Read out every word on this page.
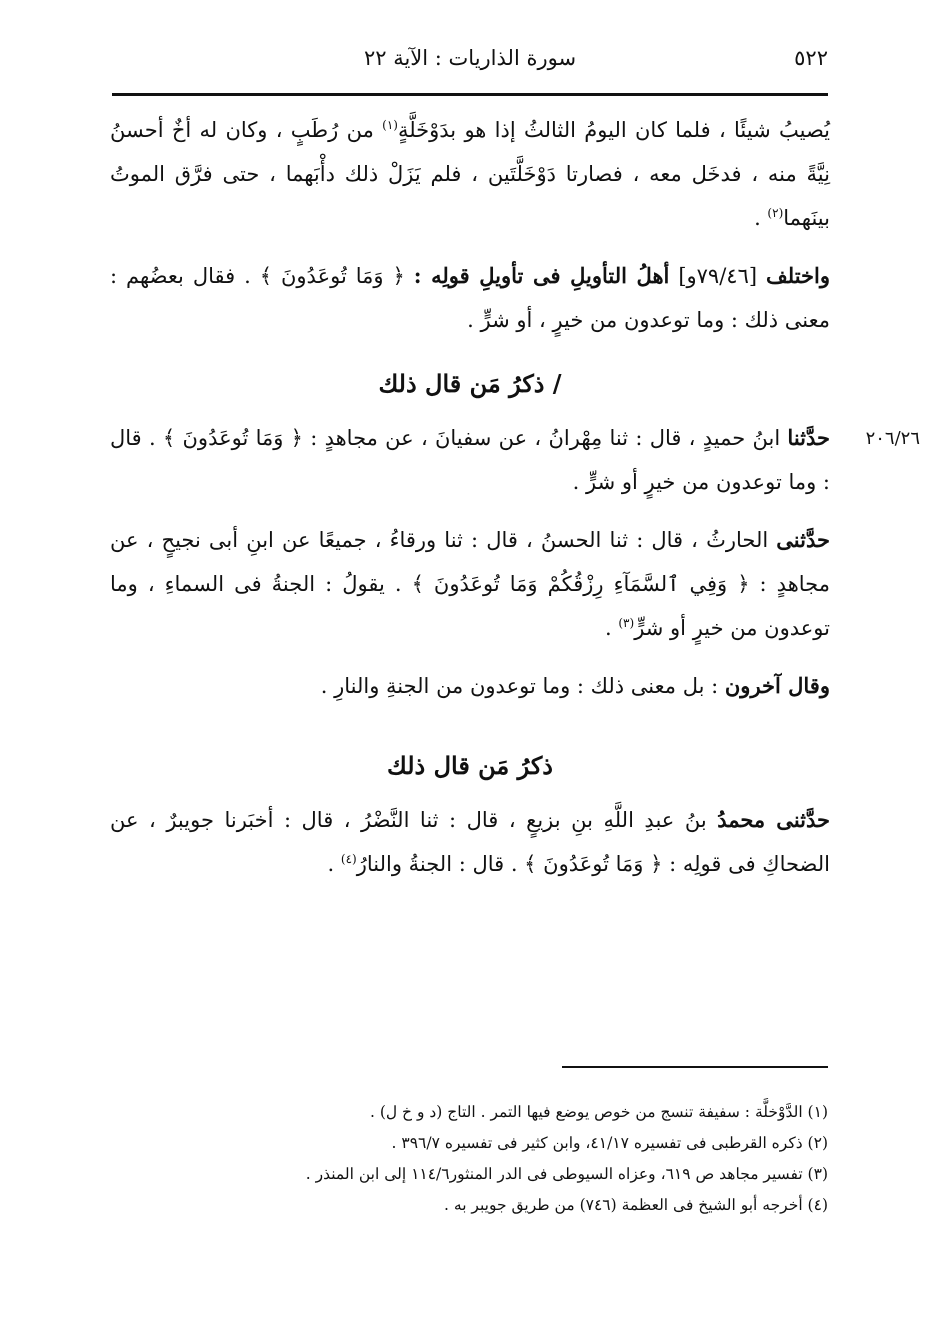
٥٢٢
سورة الذاريات : الآية ٢٢
٢٠٦/٢٦

يُصيبُ شيئًا ، فلما كان اليومُ الثالثُ إذا هو بدَوْخَلَّةٍ$^{(١)}$ من رُطَبٍ ، وكان له أخٌ أحسنُ نِيَّةً منه ، فدخَل معه ، فصارتا دَوْخَلَّتَين ، فلم يَزَلْ ذلك دأْبَهما ، حتى فرَّق الموتُ بينَهما$^{(٢)}$ .

واختلف [٧٩/٤٦و] أهلُ التأويلِ فى تأويلِ قولِه : ﴿ وَمَا تُوعَدُونَ ﴾ . فقال بعضُهم : معنى ذلك : وما توعدون من خيرٍ ، أو شرٍّ .

/ ذكرُ مَن قال ذلك

حدَّثنا ابنُ حميدٍ ، قال : ثنا مِهْرانُ ، عن سفيانَ ، عن مجاهدٍ : ﴿ وَمَا تُوعَدُونَ ﴾ . قال : وما توعدون من خيرٍ أو شرٍّ .

حدَّثنى الحارثُ ، قال : ثنا الحسنُ ، قال : ثنا ورقاءُ ، جميعًا عن ابنِ أبى نجيحٍ ، عن مجاهدٍ : ﴿ وَفِي ٱلسَّمَآءِ رِزْقُكُمْ وَمَا تُوعَدُونَ ﴾ . يقولُ : الجنةُ فى السماءِ ، وما توعدون من خيرٍ أو شرٍّ$^{(٣)}$ .

وقال آخرون : بل معنى ذلك : وما توعدون من الجنةِ والنارِ .

ذكرُ مَن قال ذلك

حدَّثنى محمدُ بنُ عبدِ اللَّهِ بنِ بزيعٍ ، قال : ثنا النَّضْرُ ، قال : أخبَرنا جويبرٌ ، عن الضحاكِ فى قولِه : ﴿ وَمَا تُوعَدُونَ ﴾ . قال : الجنةُ والنارُ$^{(٤)}$ .

(١) الدَّوْخلَّة : سفيفة تنسج من خوص يوضع فيها التمر . التاج (د و خ ل) .

(٢) ذكره القرطبى فى تفسيره ٤١/١٧، وابن كثير فى تفسيره ٣٩٦/٧ .

(٣) تفسير مجاهد ص ٦١٩، وعزاه السيوطى فى الدر المنثور١١٤/٦ إلى ابن المنذر .

(٤) أخرجه أبو الشيخ فى العظمة (٧٤٦) من طريق جويبر به .
